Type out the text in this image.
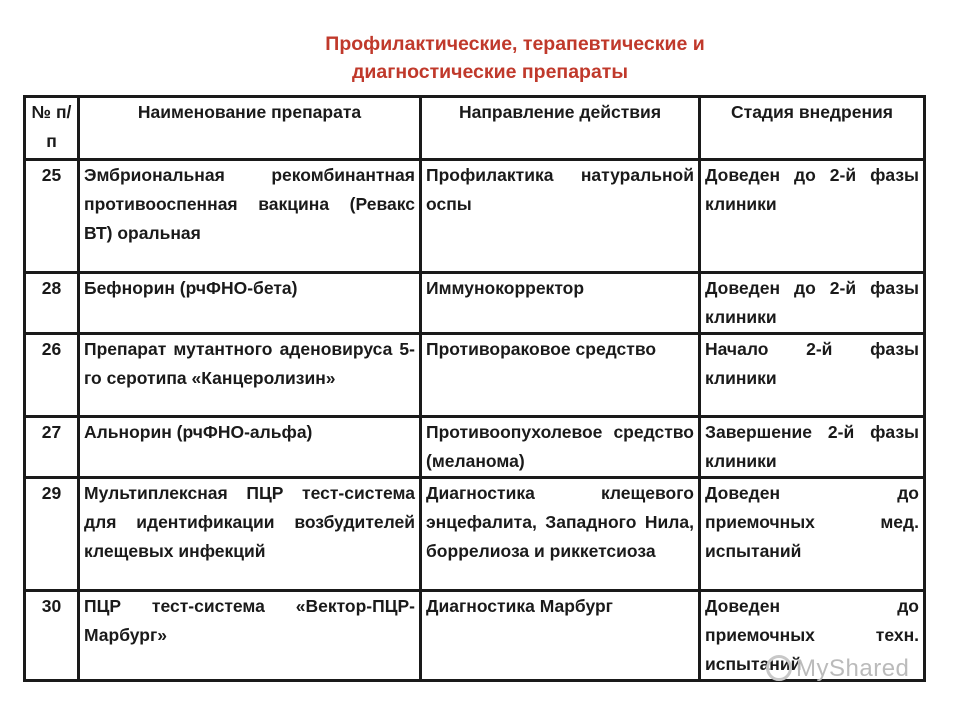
Профилактические, терапевтические и
диагностические препараты
№ п/п	Наименование препарата	Направление действия	Стадия внедрения
25	Эмбриональная рекомбинантная противооспенная вакцина (Ревакс ВТ) оральная	Профилактика натуральной оспы	Доведен до 2-й фазы клиники
28	Бефнорин (рчФНО-бета)	Иммунокорректор	Доведен до 2-й фазы клиники
26	Препарат мутантного аденовируса 5-го серотипа «Канцеролизин»	Противораковое средство	Начало 2-й фазы клиники
27	Альнорин (рчФНО-альфа)	Противоопухолевое средство (меланома)	Завершение 2-й фазы клиники
29	Мультиплексная ПЦР тест-система для идентификации возбудителей клещевых инфекций	Диагностика клещевого энцефалита, Западного Нила, боррелиоза и риккетсиоза	Доведен до приемочных мед. испытаний
30	ПЦР тест-система «Вектор-ПЦР-Марбург»	Диагностика Марбург	Доведен до приемочных техн. испытаний
MyShared
